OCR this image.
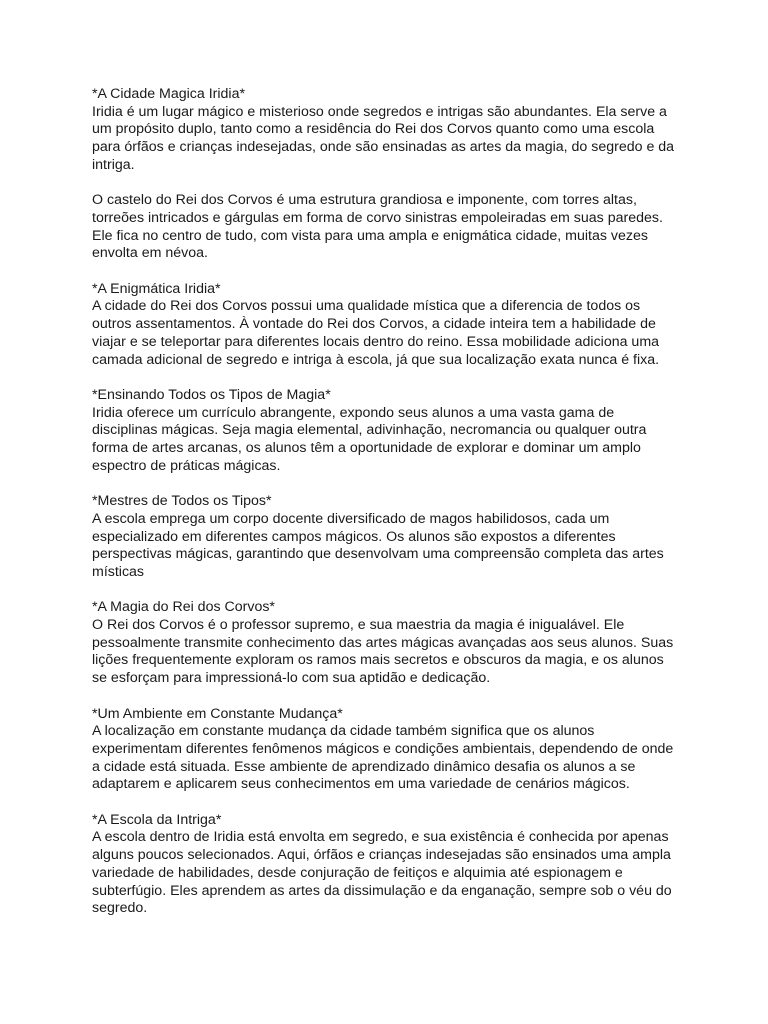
*A Cidade Magica Iridia*
Iridia é um lugar mágico e misterioso onde segredos e intrigas são abundantes. Ela serve a um propósito duplo, tanto como a residência do Rei dos Corvos quanto como uma escola para órfãos e crianças indesejadas, onde são ensinadas as artes da magia, do segredo e da intriga.

O castelo do Rei dos Corvos é uma estrutura grandiosa e imponente, com torres altas, torreões intricados e gárgulas em forma de corvo sinistras empoleiradas em suas paredes. Ele fica no centro de tudo, com vista para uma ampla e enigmática cidade, muitas vezes envolta em névoa.

*A Enigmática Iridia*
A cidade do Rei dos Corvos possui uma qualidade mística que a diferencia de todos os outros assentamentos. À vontade do Rei dos Corvos, a cidade inteira tem a habilidade de viajar e se teleportar para diferentes locais dentro do reino. Essa mobilidade adiciona uma camada adicional de segredo e intriga à escola, já que sua localização exata nunca é fixa.

*Ensinando Todos os Tipos de Magia*
Iridia oferece um currículo abrangente, expondo seus alunos a uma vasta gama de disciplinas mágicas. Seja magia elemental, adivinhação, necromancia ou qualquer outra forma de artes arcanas, os alunos têm a oportunidade de explorar e dominar um amplo espectro de práticas mágicas.

*Mestres de Todos os Tipos*
A escola emprega um corpo docente diversificado de magos habilidosos, cada um especializado em diferentes campos mágicos. Os alunos são expostos a diferentes perspectivas mágicas, garantindo que desenvolvam uma compreensão completa das artes místicas

*A Magia do Rei dos Corvos*
O Rei dos Corvos é o professor supremo, e sua maestria da magia é inigualável. Ele pessoalmente transmite conhecimento das artes mágicas avançadas aos seus alunos. Suas lições frequentemente exploram os ramos mais secretos e obscuros da magia, e os alunos se esforçam para impressioná-lo com sua aptidão e dedicação.

*Um Ambiente em Constante Mudança*
A localização em constante mudança da cidade também significa que os alunos experimentam diferentes fenômenos mágicos e condições ambientais, dependendo de onde a cidade está situada. Esse ambiente de aprendizado dinâmico desafia os alunos a se adaptarem e aplicarem seus conhecimentos em uma variedade de cenários mágicos.

*A Escola da Intriga*
A escola dentro de Iridia está envolta em segredo, e sua existência é conhecida por apenas alguns poucos selecionados. Aqui, órfãos e crianças indesejadas são ensinados uma ampla variedade de habilidades, desde conjuração de feitiços e alquimia até espionagem e subterfúgio. Eles aprendem as artes da dissimulação e da enganação, sempre sob o véu do segredo.
